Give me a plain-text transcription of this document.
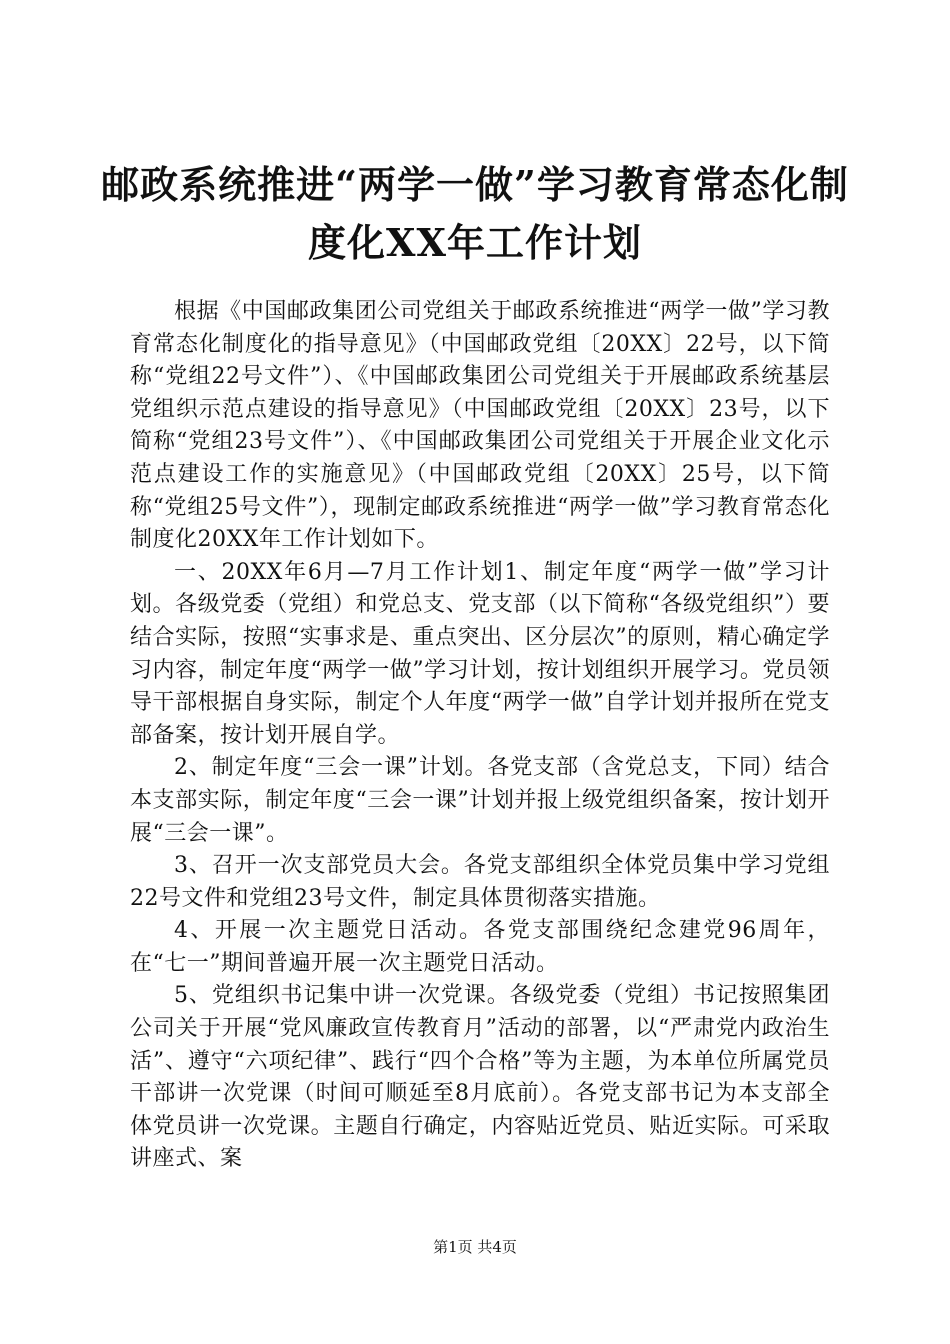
邮政系统推进“两学一做”学习教育常态化制
度化XX年工作计划

根据《中国邮政集团公司党组关于邮政系统推进“两学一做”学习教育常态化制度化的指导意见》（中国邮政党组〔20XX〕22号，以下简称“党组22号文件”）、《中国邮政集团公司党组关于开展邮政系统基层党组织示范点建设的指导意见》（中国邮政党组〔20XX〕23号，以下简称“党组23号文件”）、《中国邮政集团公司党组关于开展企业文化示范点建设工作的实施意见》（中国邮政党组〔20XX〕25号，以下简称“党组25号文件”），现制定邮政系统推进“两学一做”学习教育常态化制度化20XX年工作计划如下。

一、20XX年6月—7月工作计划1、制定年度“两学一做”学习计划。各级党委（党组）和党总支、党支部（以下简称“各级党组织”）要结合实际，按照“实事求是、重点突出、区分层次”的原则，精心确定学习内容，制定年度“两学一做”学习计划，按计划组织开展学习。党员领导干部根据自身实际，制定个人年度“两学一做”自学计划并报所在党支部备案，按计划开展自学。

2、制定年度“三会一课”计划。各党支部（含党总支，下同）结合本支部实际，制定年度“三会一课”计划并报上级党组织备案，按计划开展“三会一课”。

3、召开一次支部党员大会。各党支部组织全体党员集中学习党组22号文件和党组23号文件，制定具体贯彻落实措施。

4、开展一次主题党日活动。各党支部围绕纪念建党96周年，在“七一”期间普遍开展一次主题党日活动。

5、党组织书记集中讲一次党课。各级党委（党组）书记按照集团公司关于开展“党风廉政宣传教育月”活动的部署，以“严肃党内政治生活”、遵守“六项纪律”、践行“四个合格”等为主题，为本单位所属党员干部讲一次党课（时间可顺延至8月底前）。各党支部书记为本支部全体党员讲一次党课。主题自行确定，内容贴近党员、贴近实际。可采取讲座式、案

第1页 共4页
